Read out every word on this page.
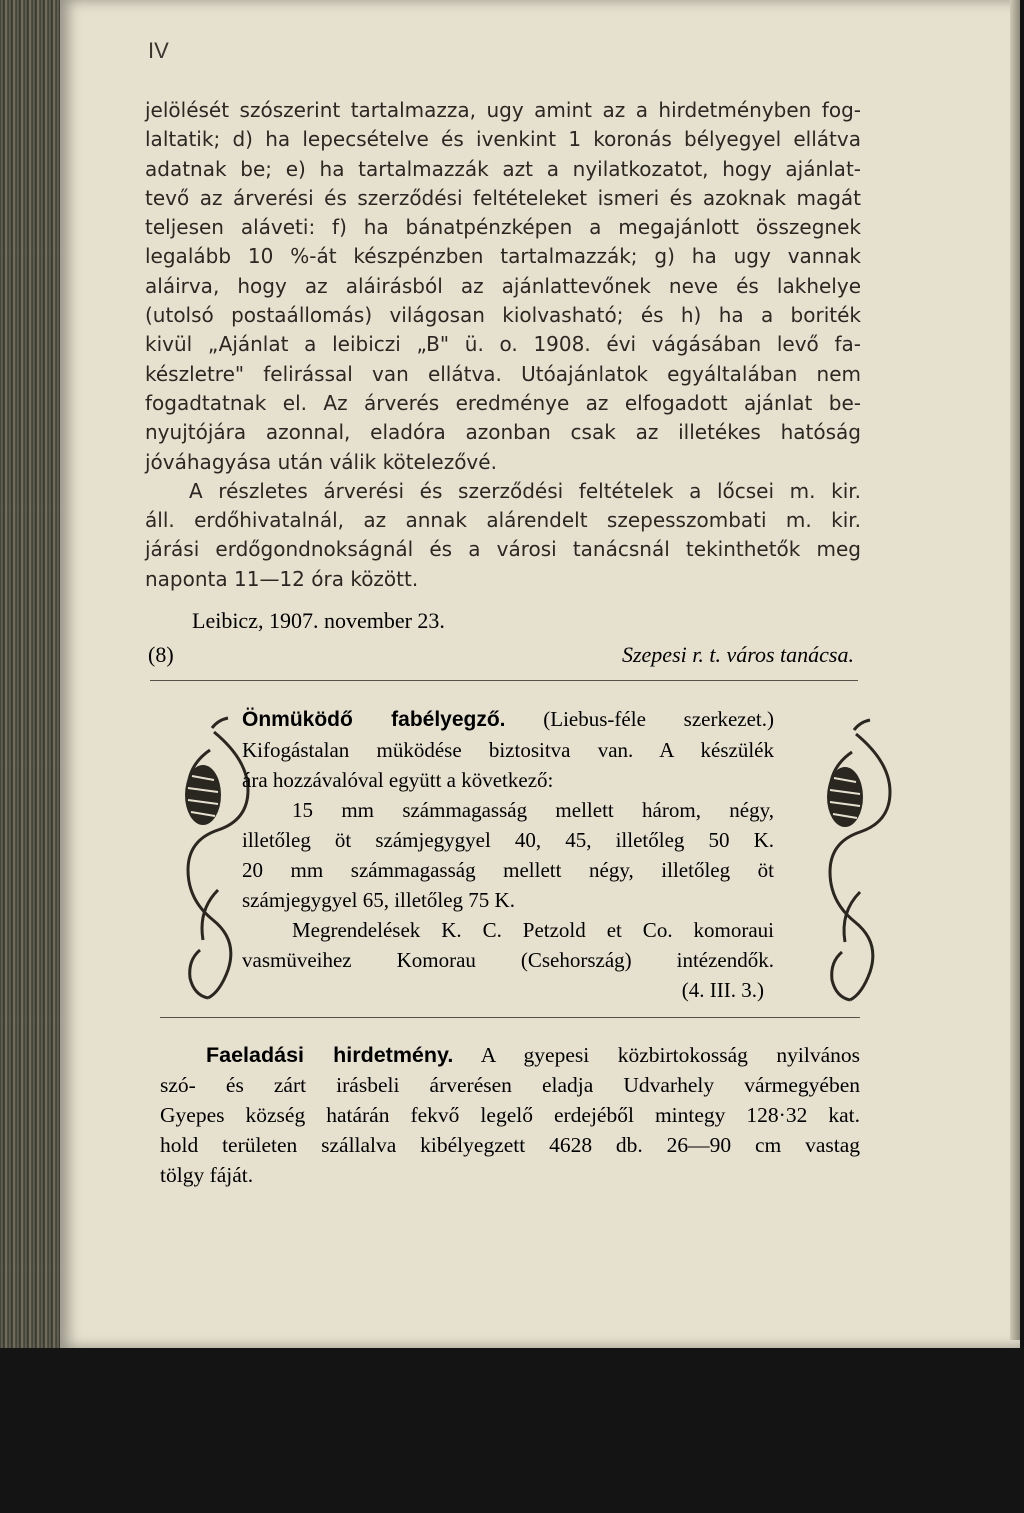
IV
jelölését szószerint tartalmazza, ugy amint az a hirdetményben fog-
laltatik; d) ha lepecsételve és ivenkint 1 koronás bélyegyel ellátva
adatnak be; e) ha tartalmazzák azt a nyilatkozatot, hogy ajánlat-
tevő az árverési és szerződési feltételeket ismeri és azoknak magát
teljesen aláveti: f) ha bánatpénzképen a megajánlott összegnek
legalább 10 %-át készpénzben tartalmazzák; g) ha ugy vannak
aláirva, hogy az aláirásból az ajánlattevőnek neve és lakhelye
(utolsó postaállomás) világosan kiolvasható; és h) ha a boriték
kivül „Ajánlat a leibiczi „B" ü. o. 1908. évi vágásában levő fa-
készletre" felirással van ellátva. Utóajánlatok egyáltalában nem
fogadtatnak el. Az árverés eredménye az elfogadott ajánlat be-
nyujtójára azonnal, eladóra azonban csak az illetékes hatóság
jóváhagyása után válik kötelezővé.
A részletes árverési és szerződési feltételek a lőcsei m. kir.
áll. erdőhivatalnál, az annak alárendelt szepesszombati m. kir.
járási erdőgondnokságnál és a városi tanácsnál tekinthetők meg
naponta 11—12 óra között.
Leibicz, 1907. november 23.
(8)	Szepesi r. t. város tanácsa.
Önmüködő fabélyegző. (Liebus-féle szerkezet.)
Kifogástalan müködése biztositva van. A készülék
ára hozzávalóval együtt a következő:
15 mm számmagasság mellett három, négy,
illetőleg öt számjegygyel 40, 45, illetőleg 50 K.
20 mm számmagasság mellett négy, illetőleg öt
számjegygyel 65, illetőleg 75 K.
Megrendelések K. C. Petzold et Co. komoraui
vasmüveihez Komorau (Csehország) intézendők.
(4. III. 3.)
Faeladási hirdetmény. A gyepesi közbirtokosság nyilvános
szó- és zárt irásbeli árverésen eladja Udvarhely vármegyében
Gyepes község határán fekvő legelő erdejéből mintegy 128·32 kat.
hold területen szállalva kibélyegzett 4628 db. 26—90 cm vastag
tölgy fáját.
